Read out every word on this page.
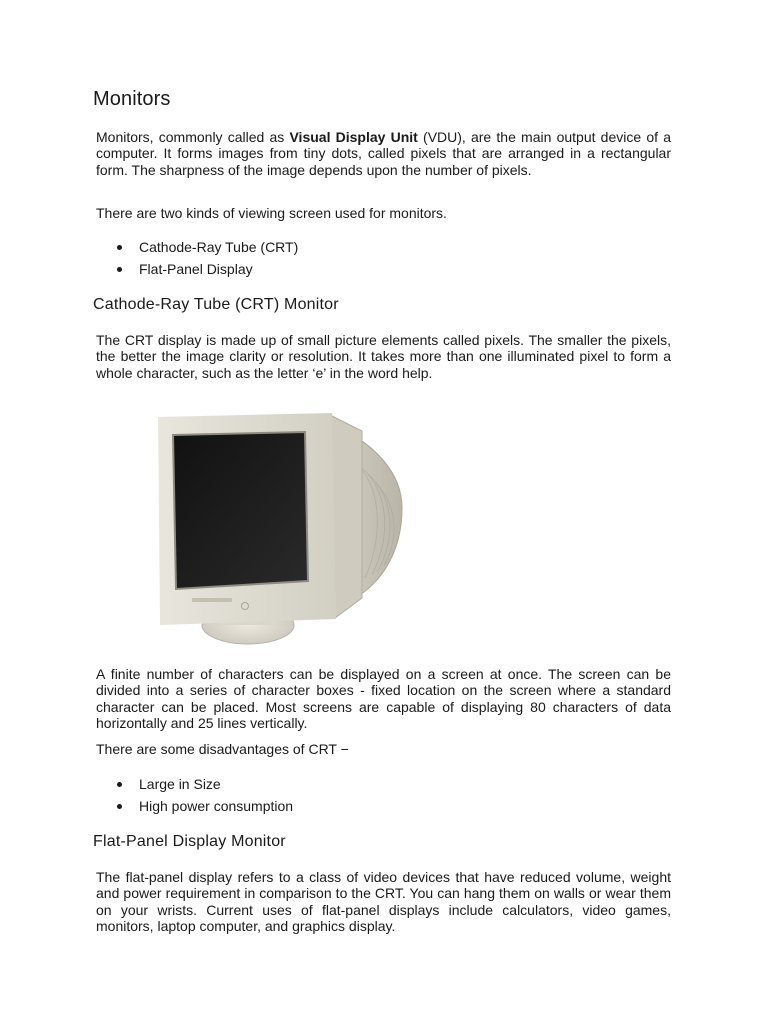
Monitors

Monitors, commonly called as Visual Display Unit (VDU), are the main output device of a computer. It forms images from tiny dots, called pixels that are arranged in a rectangular form. The sharpness of the image depends upon the number of pixels.

There are two kinds of viewing screen used for monitors.

Cathode-Ray Tube (CRT)
Flat-Panel Display
Cathode-Ray Tube (CRT) Monitor

The CRT display is made up of small picture elements called pixels. The smaller the pixels, the better the image clarity or resolution. It takes more than one illuminated pixel to form a whole character, such as the letter ‘e’ in the word help.

A finite number of characters can be displayed on a screen at once. The screen can be divided into a series of character boxes - fixed location on the screen where a standard character can be placed. Most screens are capable of displaying 80 characters of data horizontally and 25 lines vertically.

There are some disadvantages of CRT −

Large in Size
High power consumption
Flat-Panel Display Monitor

The flat-panel display refers to a class of video devices that have reduced volume, weight and power requirement in comparison to the CRT. You can hang them on walls or wear them on your wrists. Current uses of flat-panel displays include calculators, video games, monitors, laptop computer, and graphics display.
